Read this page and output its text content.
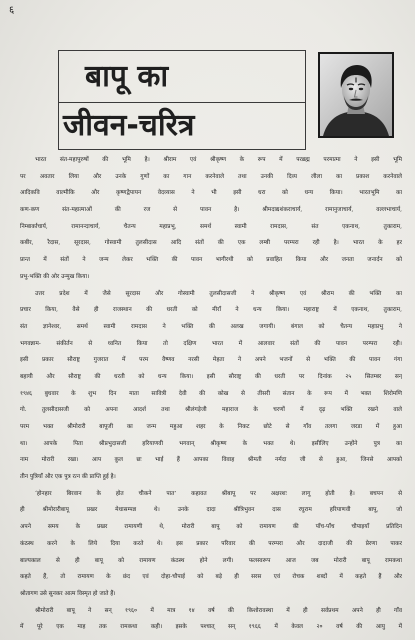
६
बापू का
जीवन-चरित्र
भारत संत-महापुरुषों की भूमि है। श्रीराम एवं श्रीकृष्ण के रूप में परब्रह्म परमात्मा ने इसी भूमि
पर अवतार लिया और उनके गुणों का गान करनेवाले तथा उनकी दिव्य लीला का प्रकाश करनेवाले
आदिकवि वाल्मीकि और कृष्णद्वैपायन वेदव्यास ने भी इसी धरा को धन्य किया। भारतभूमि का
कण-कण संत-महात्माओं की रज से पावन है। श्रीमदाद्यशंकराचार्य, रामानुजाचार्य, वल्लभाचार्य,
निम्बार्काचार्य, रामानन्दाचार्य, चैतन्य महाप्रभु, समर्थ स्वामी रामदास, संत एकनाथ, तुकाराम,
कबीर, रैदास, सूरदास, गोस्वामी तुलसीदास आदि संतों की एक लम्बी परम्परा रही है। भारत के हर
प्रान्त में संतों ने जन्म लेकर भक्ति की पावन भागीरथी को प्रवाहित किया और जनता जनार्दन को
प्रभु-भक्ति की ओर उन्मुख किया।
उत्तर प्रदेश में जैसे सूरदास और गोस्वामी तुलसीदासजी ने श्रीकृष्ण एवं श्रीराम की भक्ति का
प्रचार किया, वैसे ही राजस्थान की धरती को मीराँ ने धन्य किया। महाराष्ट्र में एकनाथ, तुकाराम,
संत ज्ञानेश्वर, समर्थ स्वामी रामदास ने भक्ति की अलख जगायी। बंगाल को चैतन्य महाप्रभु ने
भगवन्नाम- संकीर्तन से ध्वनित किया तो दक्षिण भारत में आलवार संतों की पावन परम्परा रही।
इसी प्रकार सौराष्ट्र गुजरात में परम वैष्णव नरसी मेहता ने अपने भजनों से भक्ति की पावन गंगा
बहायी और सौराष्ट्र की धरती को धन्य किया। इसी सौराष्ट्र की धरती पर दिनांक २५ सितम्बर सन्
१९४६ बुधवार के शुभ दिन माता सावित्री देवी की कोख से तीसरी संतान के रूप में भक्त शिरोमणि
गो. तुलसीदासजी को अपना आदर्श तथा श्रीलंगड़ेजी महाराज के चरणों में दृढ़ भक्ति रखने वाले
परम भक्त श्रीमोरारी बापूजी का जन्म महुआ शहर के निकट छोटे से गाँव तलगा जरडा में हुआ
था। आपके पिता श्रीप्रभुदासजी हरियाणवी भगवान् श्रीकृष्ण के भक्त थे। इसीलिए उन्होंने पुत्र का
नाम मोरारी रखा। आप कुल छः भाई हैं आपका विवाह श्रीमती नर्मदा जी से हुआ, जिनसे आपको
तीन पुत्रियाँ और एक पुत्र रत्न की प्राप्ति हुई है।
‘होनहार बिरवान के होत चीकने पात’ कहावत श्रीबापू पर अक्षरशः लागू होती है। बचपन से
ही श्रीमोरारीबापू प्रखर मेधासम्पन्न थे। उनके दादा श्रीत्रिभुवन दास रघुराम हरियाणवी बापू, जो
अपने समय के प्रखर रामायणी थे, मोरारी बापू को रामायण की पाँच-पाँच चौपाइयाँ प्रतिदिन
कंठस्थ करने के लिये दिया करते थे। इस प्रकार परिवार की परम्परा और दादाजी की प्रेरणा पाकर
बाल्यकाल से ही बापू को रामायण कंठस्थ होने लगी। फलस्वरूप आज जब मोरारी बापू रामकथा
कहते हैं, तो रामायण के छंद एवं दोहा-चौपाई को बड़े ही सरस एवं रोचक शब्दों में कहते हैं और
श्रोतागण उसे सुनकर आत्म विस्मृत हो जाते हैं।
श्रीमोरारी बापू ने सन् १९६० में मात्र १४ वर्ष की किशोरावस्था में ही सर्वप्रथम अपने ही गाँव
में पूरे एक माह तक रामकथा कही। इसके पश्चात् सन् १९६६ में केवल २० वर्ष की आयु में
